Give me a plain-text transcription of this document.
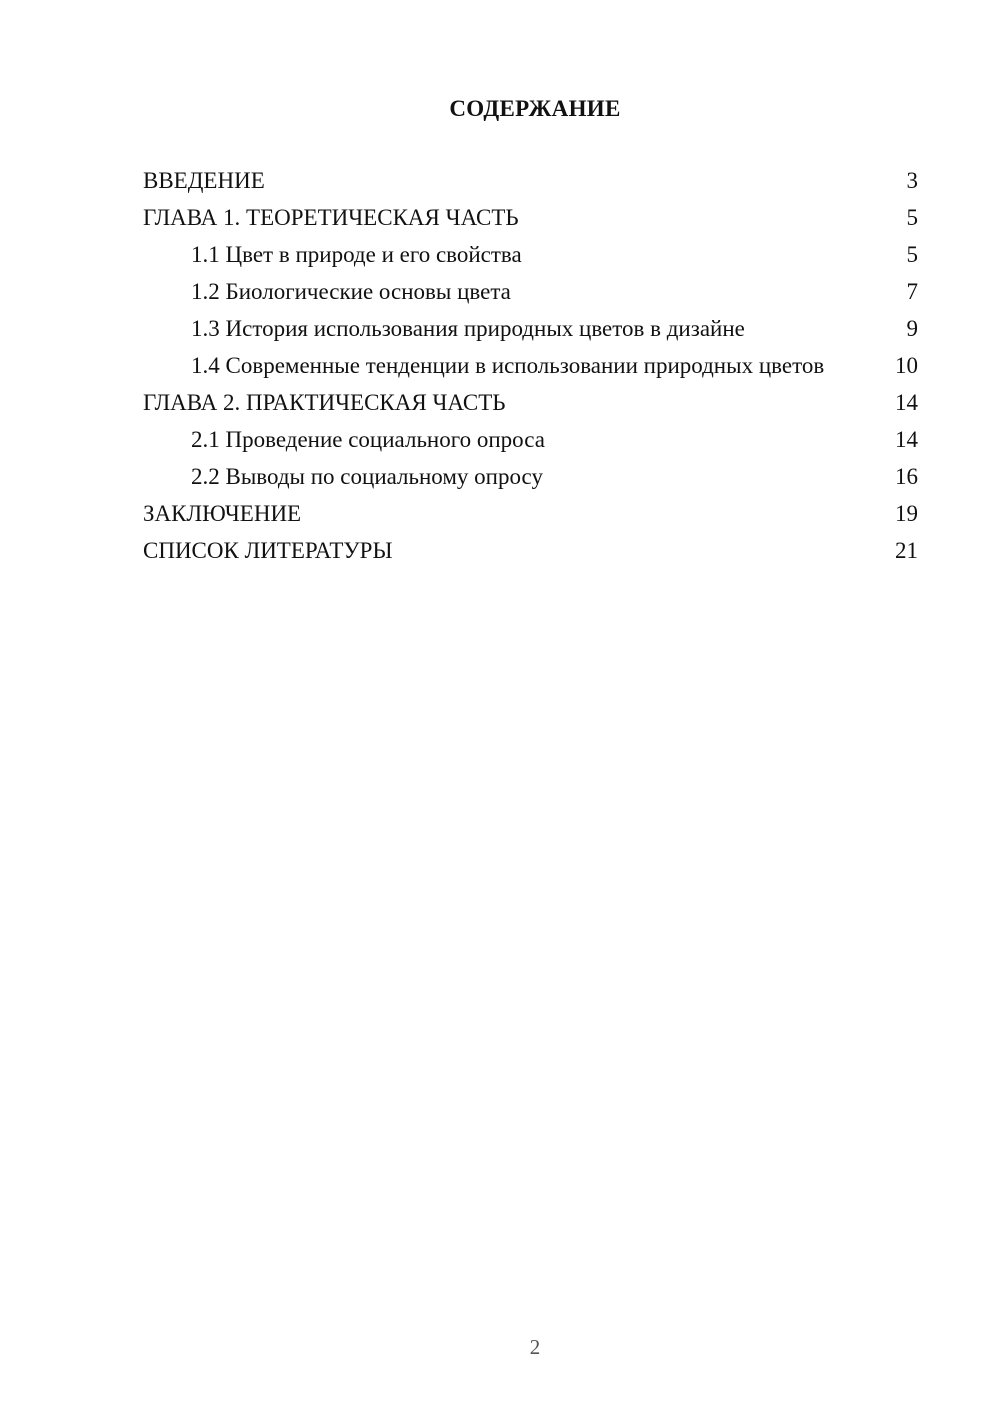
СОДЕРЖАНИЕ
ВВЕДЕНИЕ	3
ГЛАВА 1. ТЕОРЕТИЧЕСКАЯ ЧАСТЬ	5
1.1 Цвет в природе и его свойства	5
1.2 Биологические основы цвета	7
1.3 История использования природных цветов в дизайне	9
1.4 Современные тенденции в использовании природных цветов	10
ГЛАВА 2. ПРАКТИЧЕСКАЯ ЧАСТЬ	14
2.1 Проведение социального опроса	14
2.2 Выводы по социальному опросу	16
ЗАКЛЮЧЕНИЕ	19
СПИСОК ЛИТЕРАТУРЫ	21
2
